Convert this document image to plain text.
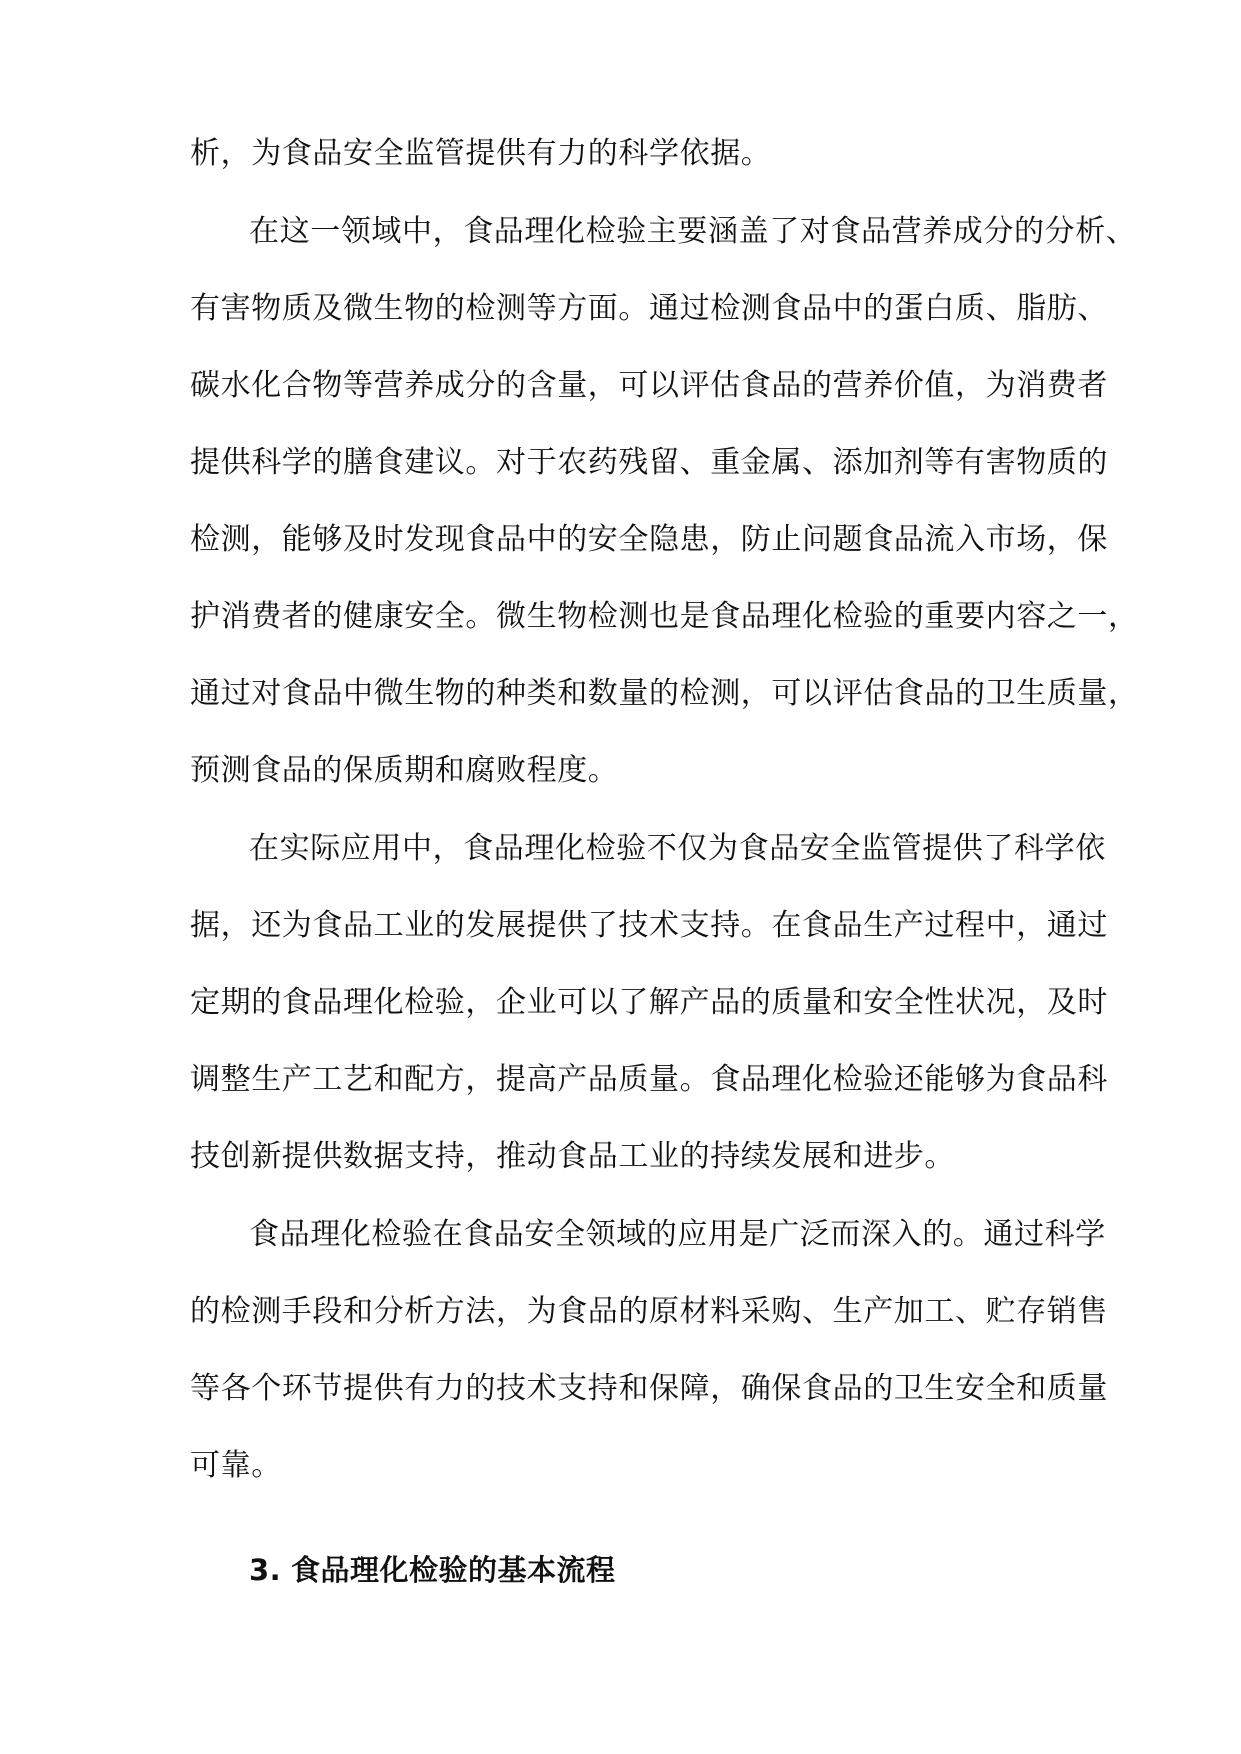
析，为食品安全监管提供有力的科学依据。
在这一领域中，食品理化检验主要涵盖了对食品营养成分的分析、
有害物质及微生物的检测等方面。通过检测食品中的蛋白质、脂肪、
碳水化合物等营养成分的含量，可以评估食品的营养价值，为消费者
提供科学的膳食建议。对于农药残留、重金属、添加剂等有害物质的
检测，能够及时发现食品中的安全隐患，防止问题食品流入市场，保
护消费者的健康安全。微生物检测也是食品理化检验的重要内容之一，
通过对食品中微生物的种类和数量的检测，可以评估食品的卫生质量，
预测食品的保质期和腐败程度。
在实际应用中，食品理化检验不仅为食品安全监管提供了科学依
据，还为食品工业的发展提供了技术支持。在食品生产过程中，通过
定期的食品理化检验，企业可以了解产品的质量和安全性状况，及时
调整生产工艺和配方，提高产品质量。食品理化检验还能够为食品科
技创新提供数据支持，推动食品工业的持续发展和进步。
食品理化检验在食品安全领域的应用是广泛而深入的。通过科学
的检测手段和分析方法，为食品的原材料采购、生产加工、贮存销售
等各个环节提供有力的技术支持和保障，确保食品的卫生安全和质量
可靠。
3. 食品理化检验的基本流程
